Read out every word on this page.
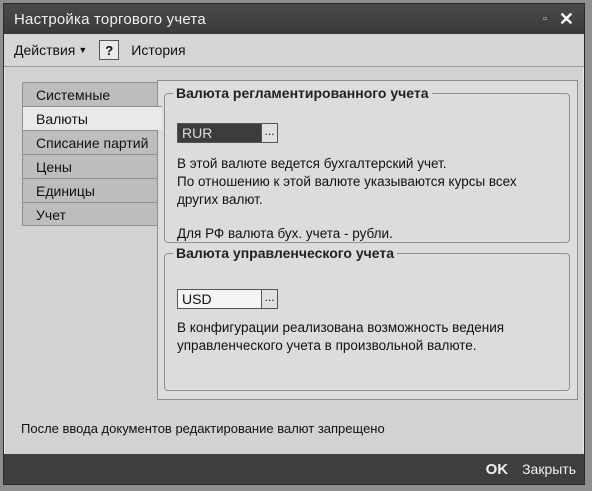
Настройка торгового учета	▫ ✕
Действия ▼	?	История
Системные
Валюты
Списание партий
Цены
Единицы
Учет
Валюта регламентированного учета
RUR
...

В этой валюте ведется бухгалтерский учет.
По отношению к этой валюте указываются курсы всех
других валют.

Для РФ валюта бух. учета - рубли.

Валюта управленческого учета
USD
...

В конфигурации реализована возможность ведения
управленческого учета в произвольной валюте.

После ввода документов редактирование валют запрещено
OK Закрыть
